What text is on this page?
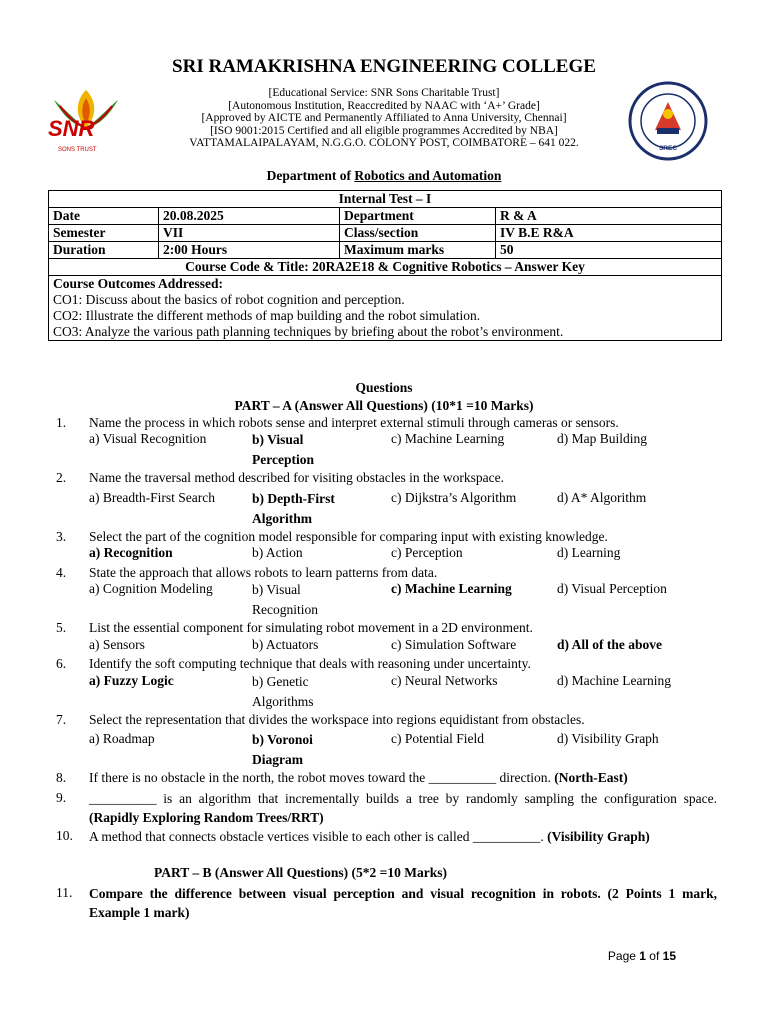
SNR
SONS TRUST	SREC
SRI RAMAKRISHNA ENGINEERING COLLEGE
[Educational Service: SNR Sons Charitable Trust]
[Autonomous Institution, Reaccredited by NAAC with ‘A+’ Grade]
[Approved by AICTE and Permanently Affiliated to Anna University, Chennai]
[ISO 9001:2015 Certified and all eligible programmes Accredited by NBA]
VATTAMALAIPALAYAM, N.G.G.O. COLONY POST, COIMBATORE – 641 022.
Department of Robotics and Automation
Internal Test – I			
Date	20.08.2025	Department	R & A
Semester	VII	Class/section	IV B.E R&A
Duration	2:00 Hours	Maximum marks	50
Course Code & Title: 20RA2E18 & Cognitive Robotics – Answer Key			

Course Outcomes Addressed:
CO1: Discuss about the basics of robot cognition and perception.
CO2: Illustrate the different methods of map building and the robot simulation.
CO3: Analyze the various path planning techniques by briefing about the robot’s environment.			
Questions
PART – A (Answer All Questions) (10*1 =10 Marks)
1.	Name the process in which robots sense and interpret external stimuli through cameras or sensors.
a) Visual Recognition	b) Visual Perception
c) Machine Learning	d) Map Building
2.	Name the traversal method described for visiting obstacles in the workspace.
a) Breadth-First Search	b) Depth-First Algorithm
c) Dijkstra’s Algorithm	d) A* Algorithm
3.	Select the part of the cognition model responsible for comparing input with existing knowledge.
a) Recognition	b) Action	c) Perception	d) Learning
4.	State the approach that allows robots to learn patterns from data.
a) Cognition Modeling	b) Visual Recognition
c) Machine Learning	d) Visual Perception
5.	List the essential component for simulating robot movement in a 2D environment.
a) Sensors	b) Actuators	c) Simulation Software	d) All of the above
6.	Identify the soft computing technique that deals with reasoning under uncertainty.
a) Fuzzy Logic	b) Genetic Algorithms
c) Neural Networks	d) Machine Learning
7.	Select the representation that divides the workspace into regions equidistant from obstacles.
a) Roadmap	b) Voronoi Diagram
c) Potential Field	d) Visibility Graph
8.	If there is no obstacle in the north, the robot moves toward the __________ direction. (North-East)
9.	__________ is an algorithm that incrementally builds a tree by randomly sampling the configuration space. (Rapidly Exploring Random Trees/RRT)
10.	A method that connects obstacle vertices visible to each other is called __________. (Visibility Graph)
PART – B (Answer All Questions) (5*2 =10 Marks)
11.	Compare the difference between visual perception and visual recognition in robots. (2 Points 1 mark, Example 1 mark)
Page 1 of 15
